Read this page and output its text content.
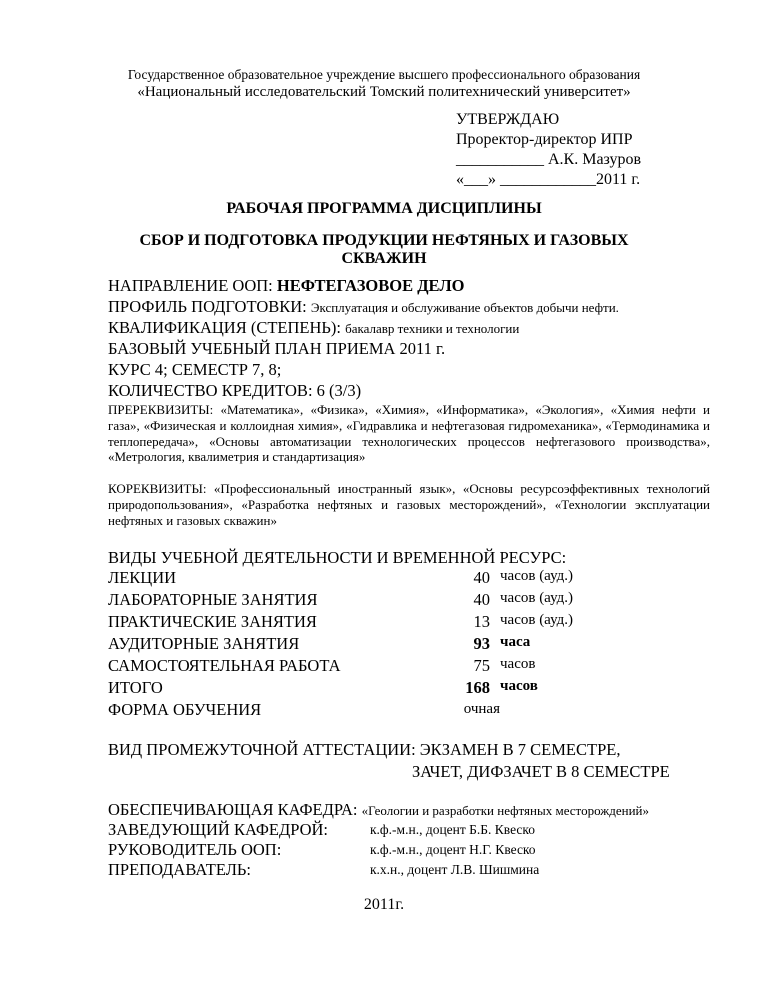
Государственное образовательное учреждение высшего профессионального образования
«Национальный исследовательский Томский политехнический университет»
УТВЕРЖДАЮ
Проректор-директор ИПР
___________ А.К. Мазуров
«___» ____________2011 г.
РАБОЧАЯ ПРОГРАММА ДИСЦИПЛИНЫ
СБОР И ПОДГОТОВКА ПРОДУКЦИИ НЕФТЯНЫХ И ГАЗОВЫХ
СКВАЖИН
НАПРАВЛЕНИЕ ООП: НЕФТЕГАЗОВОЕ ДЕЛО
ПРОФИЛЬ ПОДГОТОВКИ: Эксплуатация и обслуживание объектов добычи нефти.
КВАЛИФИКАЦИЯ (СТЕПЕНЬ): бакалавр техники и технологии
БАЗОВЫЙ УЧЕБНЫЙ ПЛАН ПРИЕМА 2011 г.
КУРС 4; СЕМЕСТР 7, 8;
КОЛИЧЕСТВО КРЕДИТОВ: 6 (3/3)

ПРЕРЕКВИЗИТЫ: «Математика», «Физика», «Химия», «Информатика», «Экология», «Химия нефти и газа», «Физическая и коллоидная химия», «Гидравлика и нефтегазовая гидромеханика», «Термодинамика и теплопередача», «Основы автоматизации технологических процессов нефтегазового производства», «Метрология, квалиметрия и стандартизация»

КОРЕКВИЗИТЫ: «Профессиональный иностранный язык», «Основы ресурсоэффективных технологий природопользования», «Разработка нефтяных и газовых месторождений», «Технологии эксплуатации нефтяных и газовых скважин»

ВИДЫ УЧЕБНОЙ ДЕЯТЕЛЬНОСТИ И ВРЕМЕННОЙ РЕСУРС:
ЛЕКЦИИ	40 часов (ауд.)
ЛАБОРАТОРНЫЕ ЗАНЯТИЯ	40 часов (ауд.)
ПРАКТИЧЕСКИЕ ЗАНЯТИЯ	13 часов (ауд.)
АУДИТОРНЫЕ ЗАНЯТИЯ	93 часа
САМОСТОЯТЕЛЬНАЯ РАБОТА	75 часов
ИТОГО	168 часов
ФОРМА ОБУЧЕНИЯ	очная
ВИД ПРОМЕЖУТОЧНОЙ АТТЕСТАЦИИ: ЭКЗАМЕН В 7 СЕМЕСТРЕ,
ЗАЧЕТ, ДИФЗАЧЕТ В 8 СЕМЕСТРЕ
ОБЕСПЕЧИВАЮЩАЯ КАФЕДРА: «Геологии и разработки нефтяных месторождений»
ЗАВЕДУЮЩИЙ КАФЕДРОЙ:	к.ф.-м.н., доцент Б.Б. Квеско
РУКОВОДИТЕЛЬ ООП:	к.ф.-м.н., доцент Н.Г. Квеско
ПРЕПОДАВАТЕЛЬ:	к.х.н., доцент Л.В. Шишмина
2011г.
